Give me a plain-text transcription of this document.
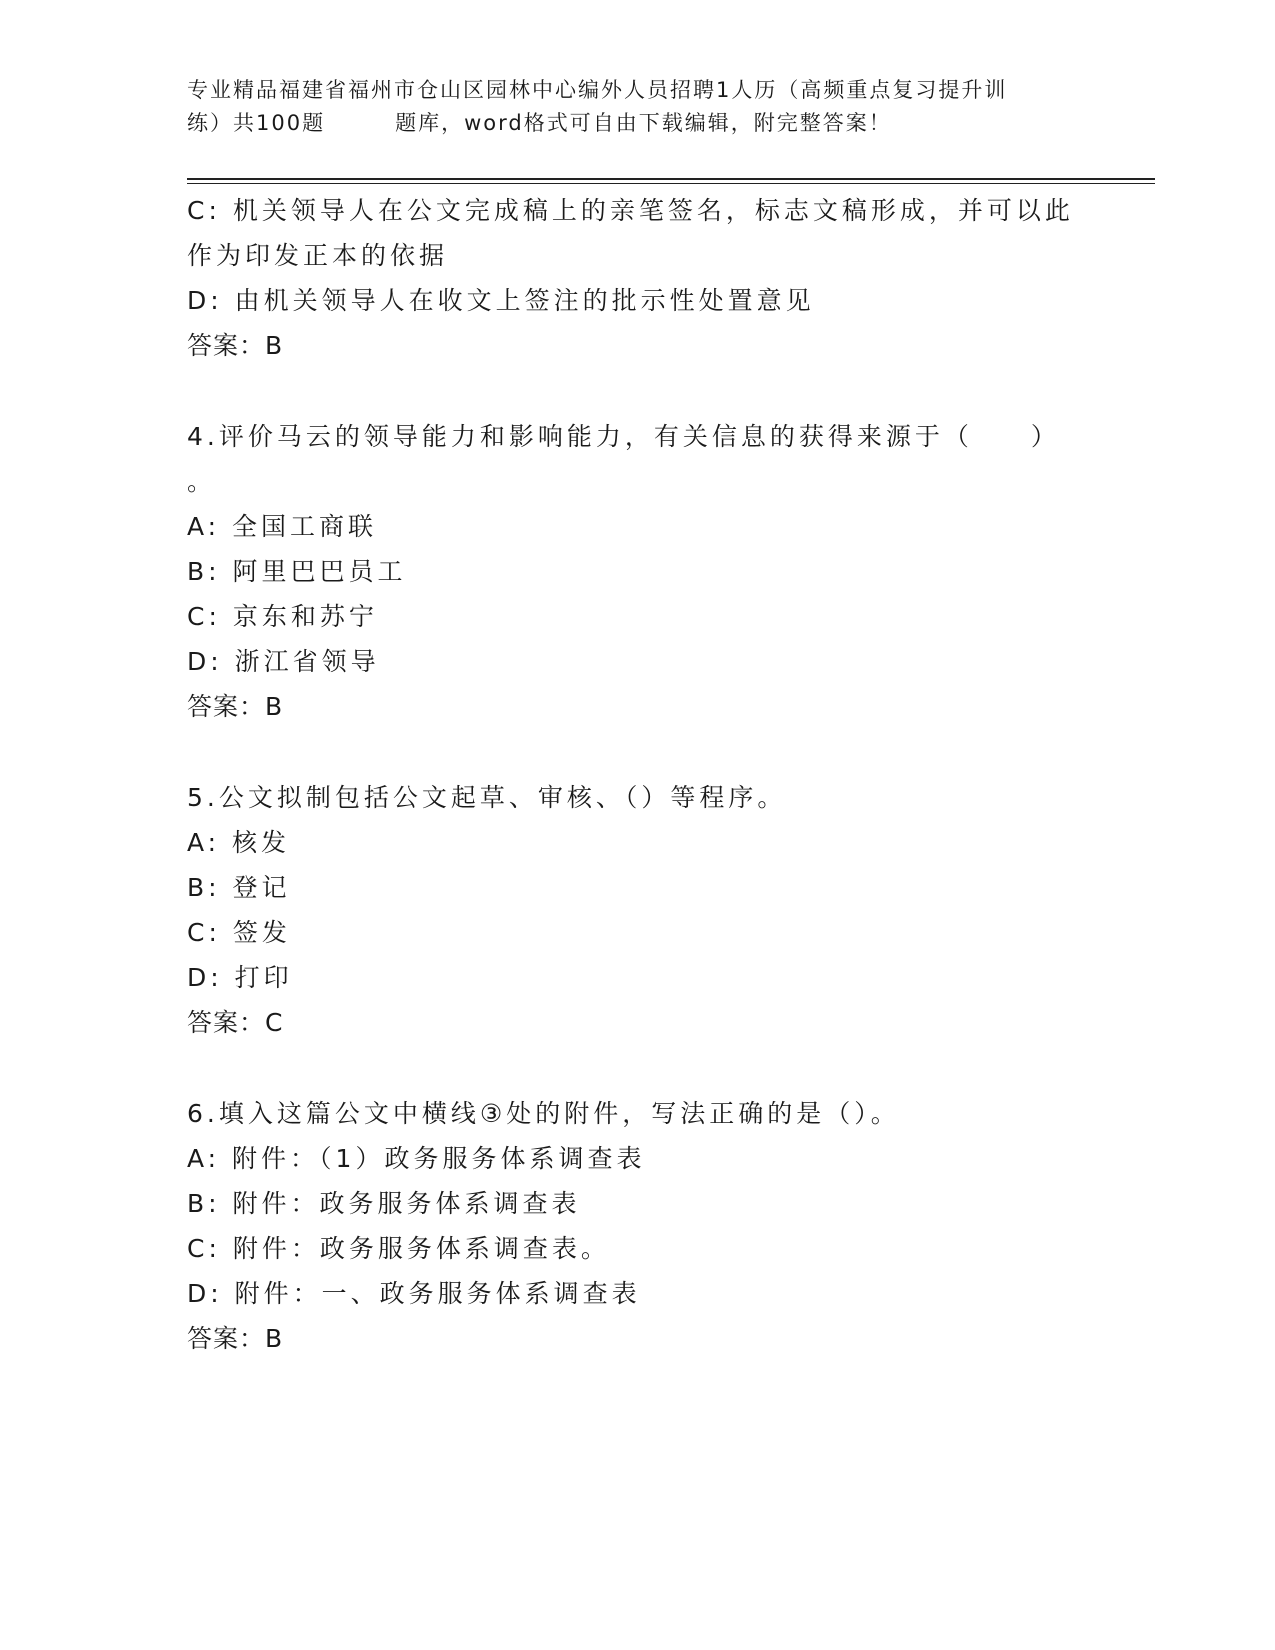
专业精品福建省福州市仓山区园林中心编外人员招聘1人历（高频重点复习提升训
练）共100题	题库，word格式可自由下载编辑，附完整答案！
C: 机关领导人在公文完成稿上的亲笔签名，标志文稿形成，并可以此
作为印发正本的依据
D: 由机关领导人在收文上签注的批示性处置意见
答案：B
4.评价马云的领导能力和影响能力，有关信息的获得来源于（　　）
。
A: 全国工商联
B: 阿里巴巴员工
C: 京东和苏宁
D: 浙江省领导
答案：B
5.公文拟制包括公文起草、审核、（）等程序。
A: 核发
B: 登记
C: 签发
D: 打印
答案：C
6.填入这篇公文中横线③处的附件，写法正确的是（）。
A: 附件：（1）政务服务体系调查表
B: 附件：政务服务体系调查表
C: 附件：政务服务体系调查表。
D: 附件：一、政务服务体系调查表
答案：B
